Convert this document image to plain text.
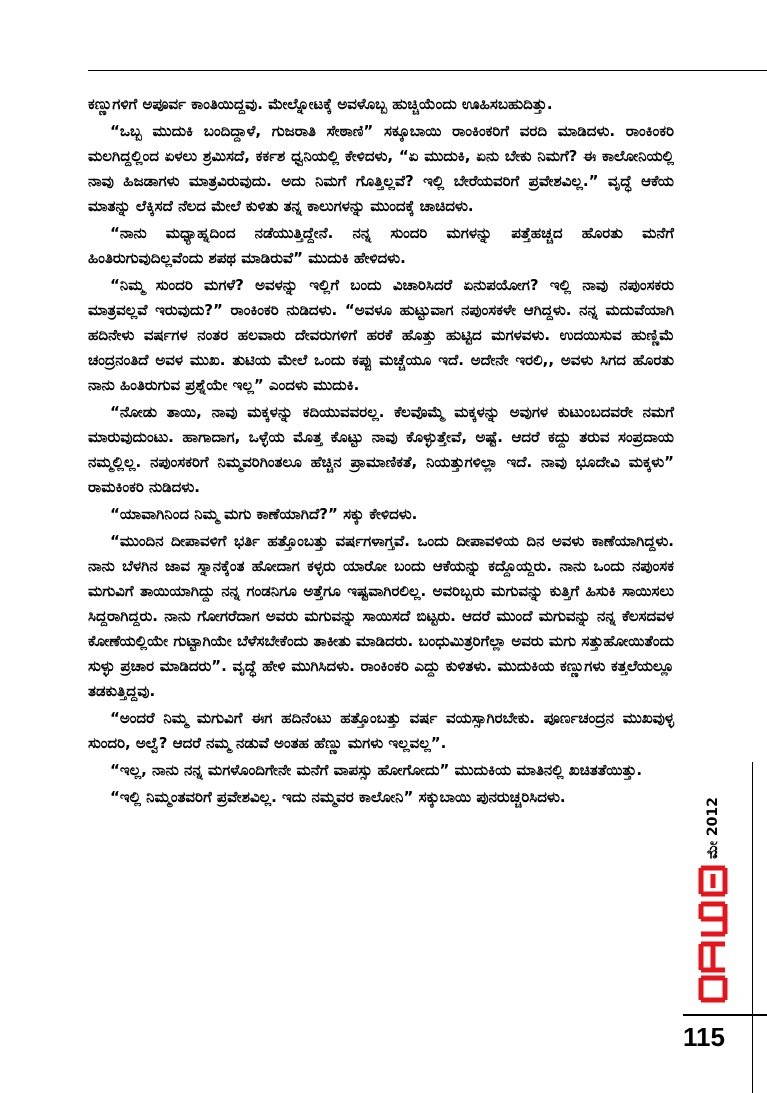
ಕಣ್ಣುಗಳಿಗೆ ಅಪೂರ್ವ ಕಾಂತಿಯಿದ್ದವು. ಮೇಲ್ನೋಟಕ್ಕೆ ಅವಳೊಬ್ಬ ಹುಚ್ಚಿಯೆಂದು ಊಹಿಸಬಹುದಿತ್ತು.

“ಒಬ್ಬ ಮುದುಕಿ ಬಂದಿದ್ದಾಳೆ, ಗುಜರಾತಿ ಸೇಠಾಣಿ” ಸಕ್ಕೂಬಾಯಿ ರಾಂಕಿಂಕರಿಗೆ ವರದಿ ಮಾಡಿದಳು. ರಾಂಕಿಂಕರಿ ಮಲಗಿದ್ದಲ್ಲಿಂದ ಏಳಲು ಶ್ರಮಿಸದೆ, ಕರ್ಕಶ ಧ್ವನಿಯಲ್ಲಿ ಕೇಳಿದಳು, “ಏ ಮುದುಕಿ, ಏನು ಬೇಕು ನಿಮಗೆ? ಈ ಕಾಲೋನಿಯಲ್ಲಿ ನಾವು ಹಿಜಡಾಗಳು ಮಾತ್ರವಿರುವುದು. ಅದು ನಿಮಗೆ ಗೊತ್ತಿಲ್ಲವೆ? ಇಲ್ಲಿ ಬೇರೆಯವರಿಗೆ ಪ್ರವೇಶವಿಲ್ಲ.” ವೃದ್ಧೆ ಆಕೆಯ ಮಾತನ್ನು ಲೆಕ್ಕಿಸದೆ ನೆಲದ ಮೇಲೆ ಕುಳಿತು ತನ್ನ ಕಾಲುಗಳನ್ನು ಮುಂದಕ್ಕೆ ಚಾಚಿದಳು.

“ನಾನು ಮಧ್ಯಾಹ್ನದಿಂದ ನಡೆಯುತ್ತಿದ್ದೇನೆ. ನನ್ನ ಸುಂದರಿ ಮಗಳನ್ನು ಪತ್ತೆಹಚ್ಚದ ಹೊರತು ಮನೆಗೆ ಹಿಂತಿರುಗುವುದಿಲ್ಲವೆಂದು ಶಪಥ ಮಾಡಿರುವೆ” ಮುದುಕಿ ಹೇಳಿದಳು.

“ನಿಮ್ಮ ಸುಂದರಿ ಮಗಳೆ? ಅವಳನ್ನು ಇಲ್ಲಿಗೆ ಬಂದು ವಿಚಾರಿಸಿದರೆ ಏನುಪಯೋಗ? ಇಲ್ಲಿ ನಾವು ನಪುಂಸಕರು ಮಾತ್ರವಲ್ಲವೆ ಇರುವುದು?” ರಾಂಕಿಂಕರಿ ನುಡಿದಳು. “ಅವಳೂ ಹುಟ್ಟುವಾಗ ನಪುಂಸಕಳೇ ಆಗಿದ್ದಳು. ನನ್ನ ಮದುವೆಯಾಗಿ ಹದಿನೇಳು ವರ್ಷಗಳ ನಂತರ ಹಲವಾರು ದೇವರುಗಳಿಗೆ ಹರಕೆ ಹೊತ್ತು ಹುಟ್ಟಿದ ಮಗಳವಳು. ಉದಯಿಸುವ ಹುಣ್ಣಿಮೆ ಚಂದ್ರನಂತಿದೆ ಅವಳ ಮುಖ. ತುಟಿಯ ಮೇಲೆ ಒಂದು ಕಪ್ಪು ಮಚ್ಚೆಯೂ ಇದೆ. ಅದೇನೇ ಇರಲಿ,, ಅವಳು ಸಿಗದ ಹೊರತು ನಾನು ಹಿಂತಿರುಗುವ ಪ್ರಶ್ನೆಯೇ ಇಲ್ಲ” ಎಂದಳು ಮುದುಕಿ.

“ನೋಡು ತಾಯಿ, ನಾವು ಮಕ್ಕಳನ್ನು ಕದಿಯುವವರಲ್ಲ. ಕೆಲವೊಮ್ಮೆ ಮಕ್ಕಳನ್ನು ಅವುಗಳ ಕುಟುಂಬದವರೇ ನಮಗೆ ಮಾರುವುದುಂಟು. ಹಾಗಾದಾಗ, ಒಳ್ಳೆಯ ಮೊತ್ತ ಕೊಟ್ಟು ನಾವು ಕೊಳ್ಳುತ್ತೇವೆ, ಅಷ್ಟೆ. ಆದರೆ ಕದ್ದು ತರುವ ಸಂಪ್ರದಾಯ ನಮ್ಮಲ್ಲಿಲ್ಲ. ನಪುಂಸಕರಿಗೆ ನಿಮ್ಮವರಿಗಿಂತಲೂ ಹೆಚ್ಚಿನ ಪ್ರಾಮಾಣಿಕತೆ, ನಿಯತ್ತುಗಳಿಲ್ಲಾ ಇದೆ. ನಾವು ಭೂದೇವಿ ಮಕ್ಕಳು” ರಾಮಕಿಂಕರಿ ನುಡಿದಳು.

“ಯಾವಾಗಿನಿಂದ ನಿಮ್ಮ ಮಗು ಕಾಣೆಯಾಗಿದೆ?” ಸಕ್ಕು ಕೇಳಿದಳು.

“ಮುಂದಿನ ದೀಪಾವಳಿಗೆ ಭರ್ತಿ ಹತ್ತೊಂಬತ್ತು ವರ್ಷಗಳಾಗ್ತವೆ. ಒಂದು ದೀಪಾವಳಿಯ ದಿನ ಅವಳು ಕಾಣೆಯಾಗಿದ್ದಳು. ನಾನು ಬೆಳಗಿನ ಜಾವ ಸ್ನಾನಕ್ಕೆಂತ ಹೋದಾಗ ಕಳ್ಳರು ಯಾರೋ ಬಂದು ಆಕೆಯನ್ನು ಕದ್ದೊಯ್ದರು. ನಾನು ಒಂದು ನಪುಂಸಕ ಮಗುವಿಗೆ ತಾಯಿಯಾಗಿದ್ದು ನನ್ನ ಗಂಡನಿಗೂ ಅತ್ತೆಗೂ ಇಷ್ಟವಾಗಿರಲಿಲ್ಲ. ಅವರಿಬ್ಬರು ಮಗುವನ್ನು ಕುತ್ತಿಗೆ ಹಿಸುಕಿ ಸಾಯಿಸಲು ಸಿದ್ದರಾಗಿದ್ದರು. ನಾನು ಗೋಗರೆದಾಗ ಅವರು ಮಗುವನ್ನು ಸಾಯಿಸದೆ ಬಿಟ್ಟರು. ಆದರೆ ಮುಂದೆ ಮಗುವನ್ನು ನನ್ನ ಕೆಲಸದವಳ ಕೋಣೆಯಲ್ಲಿಯೇ ಗುಟ್ಟಾಗಿಯೇ ಬೆಳೆಸಬೇಕೆಂದು ತಾಕೀತು ಮಾಡಿದರು. ಬಂಧುಮಿತ್ರರಿಗೆಲ್ಲಾ ಅವರು ಮಗು ಸತ್ತುಹೋಯಿತೆಂದು ಸುಳ್ಳು ಪ್ರಚಾರ ಮಾಡಿದರು”. ವೃದ್ಧೆ ಹೇಳಿ ಮುಗಿಸಿದಳು. ರಾಂಕಿಂಕರಿ ಎದ್ದು ಕುಳಿತಳು. ಮುದುಕಿಯ ಕಣ್ಣುಗಳು ಕತ್ತಲೆಯಲ್ಲೂ ತಡಕುತ್ತಿದ್ದವು.

“ಅಂದರೆ ನಿಮ್ಮ ಮಗುವಿಗೆ ಈಗ ಹದಿನೆಂಟು ಹತ್ತೊಂಬತ್ತು ವರ್ಷ ವಯಸ್ಸಾಗಿರಬೇಕು. ಪೂರ್ಣಚಂದ್ರನ ಮುಖವುಳ್ಳ ಸುಂದರಿ, ಅಲ್ವೆ? ಆದರೆ ನಮ್ಮ ನಡುವೆ ಅಂತಹ ಹೆಣ್ಣು ಮಗಳು ಇಲ್ಲವಲ್ಲ”.

“ಇಲ್ಲ, ನಾನು ನನ್ನ ಮಗಳೊಂದಿಗೇನೇ ಮನೆಗೆ ವಾಪಸ್ಸು ಹೋಗೋದು” ಮುದುಕಿಯ ಮಾತಿನಲ್ಲಿ ಖಚಿತತೆಯಿತ್ತು.

“ಇಲ್ಲಿ ನಿಮ್ಮಂತವರಿಗೆ ಪ್ರವೇಶವಿಲ್ಲ. ಇದು ನಮ್ಮವರ ಕಾಲೋನಿ” ಸಕ್ಕುಬಾಯಿ ಪುನರುಚ್ಚರಿಸಿದಳು.

ಮೇ 2012
115
